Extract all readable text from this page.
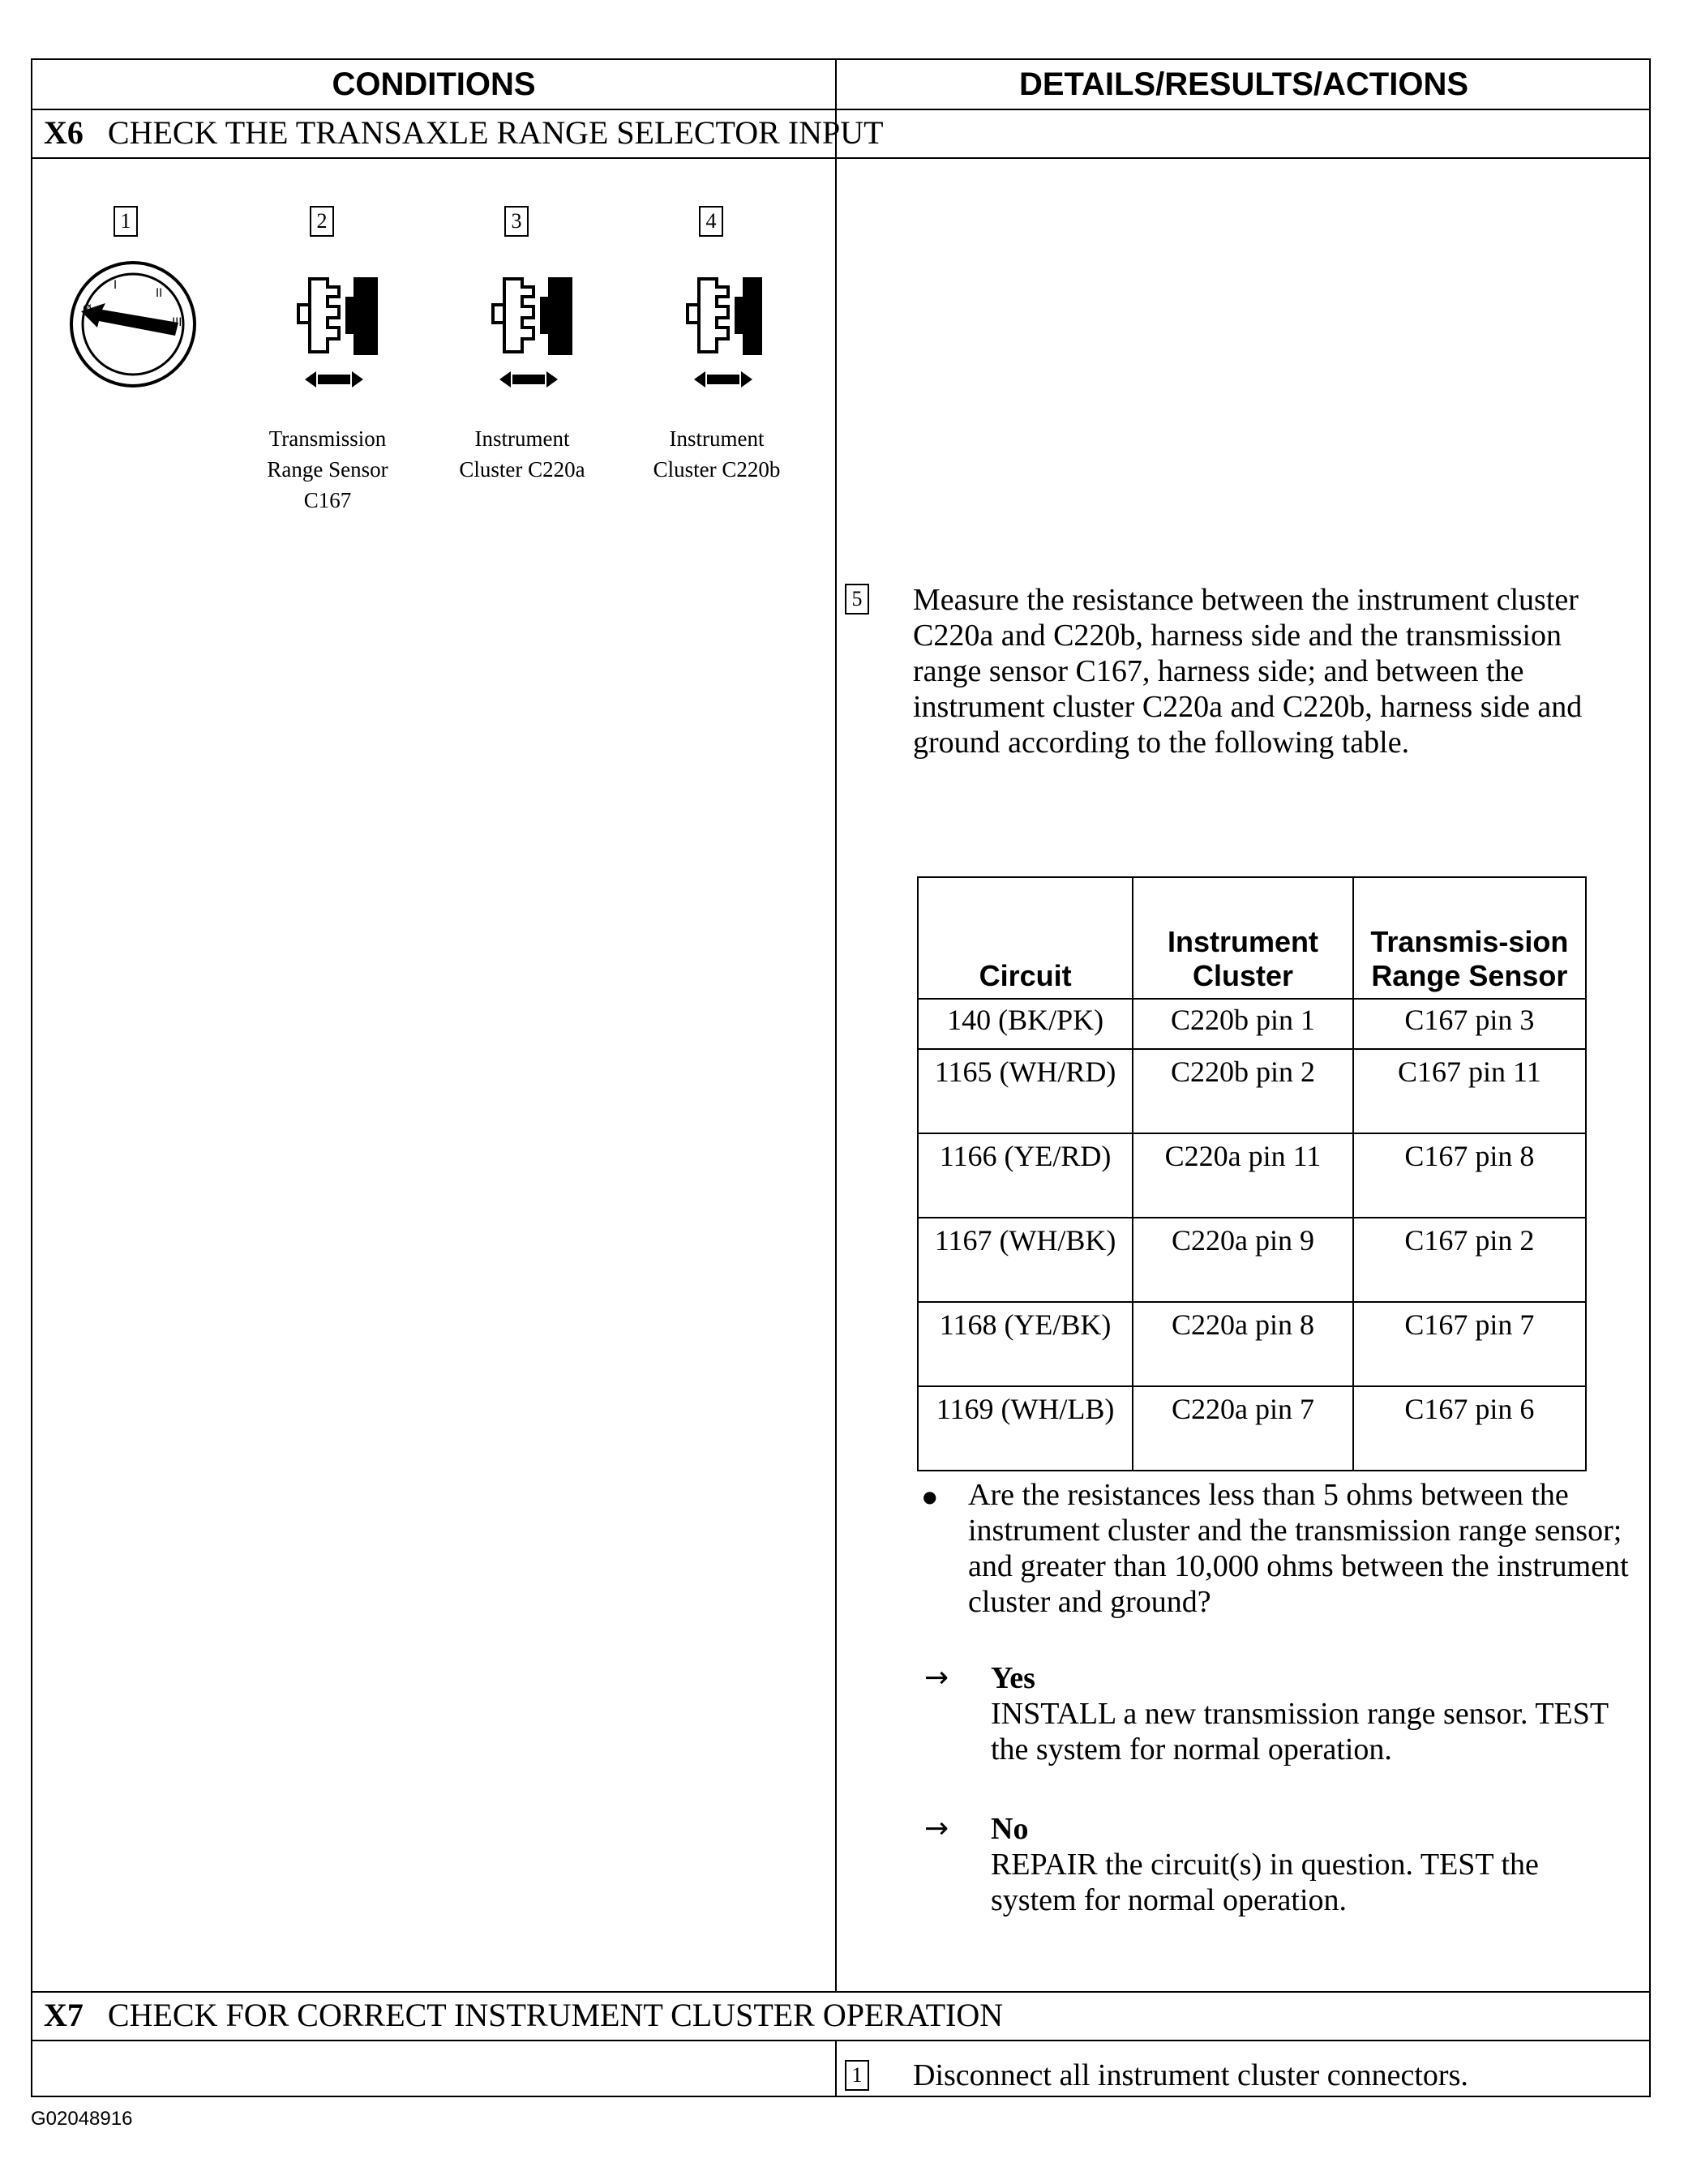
CONDITIONS	DETAILS/RESULTS/ACTIONS
X6 CHECK THE TRANSAXLE RANGE SELECTOR INPUT
1	2	3	4
Ø
I
II
III
Transmission
Range Sensor
C167
Instrument
Cluster C220a
Instrument
Cluster C220b
5 Measure the resistance between the instrument cluster C220a and C220b, harness side and the transmission range sensor C167, harness side; and between the instrument cluster C220a and C220b, harness side and ground according to the following table.
Circuit	Instrument Cluster	Transmis-sion Range Sensor
140 (BK/PK)	C220b pin 1	C167 pin 3
1165 (WH/RD)	C220b pin 2	C167 pin 11
1166 (YE/RD)	C220a pin 11	C167 pin 8
1167 (WH/BK)	C220a pin 9	C167 pin 2
1168 (YE/BK)	C220a pin 8	C167 pin 7
1169 (WH/LB)	C220a pin 7	C167 pin 6
● Are the resistances less than 5 ohms between the instrument cluster and the transmission range sensor; and greater than 10,000 ohms between the instrument cluster and ground?
→ Yes
INSTALL a new transmission range sensor. TEST the system for normal operation.
→ No
REPAIR the circuit(s) in question. TEST the system for normal operation.
X7 CHECK FOR CORRECT INSTRUMENT CLUSTER OPERATION
1 Disconnect all instrument cluster connectors.
G02048916
